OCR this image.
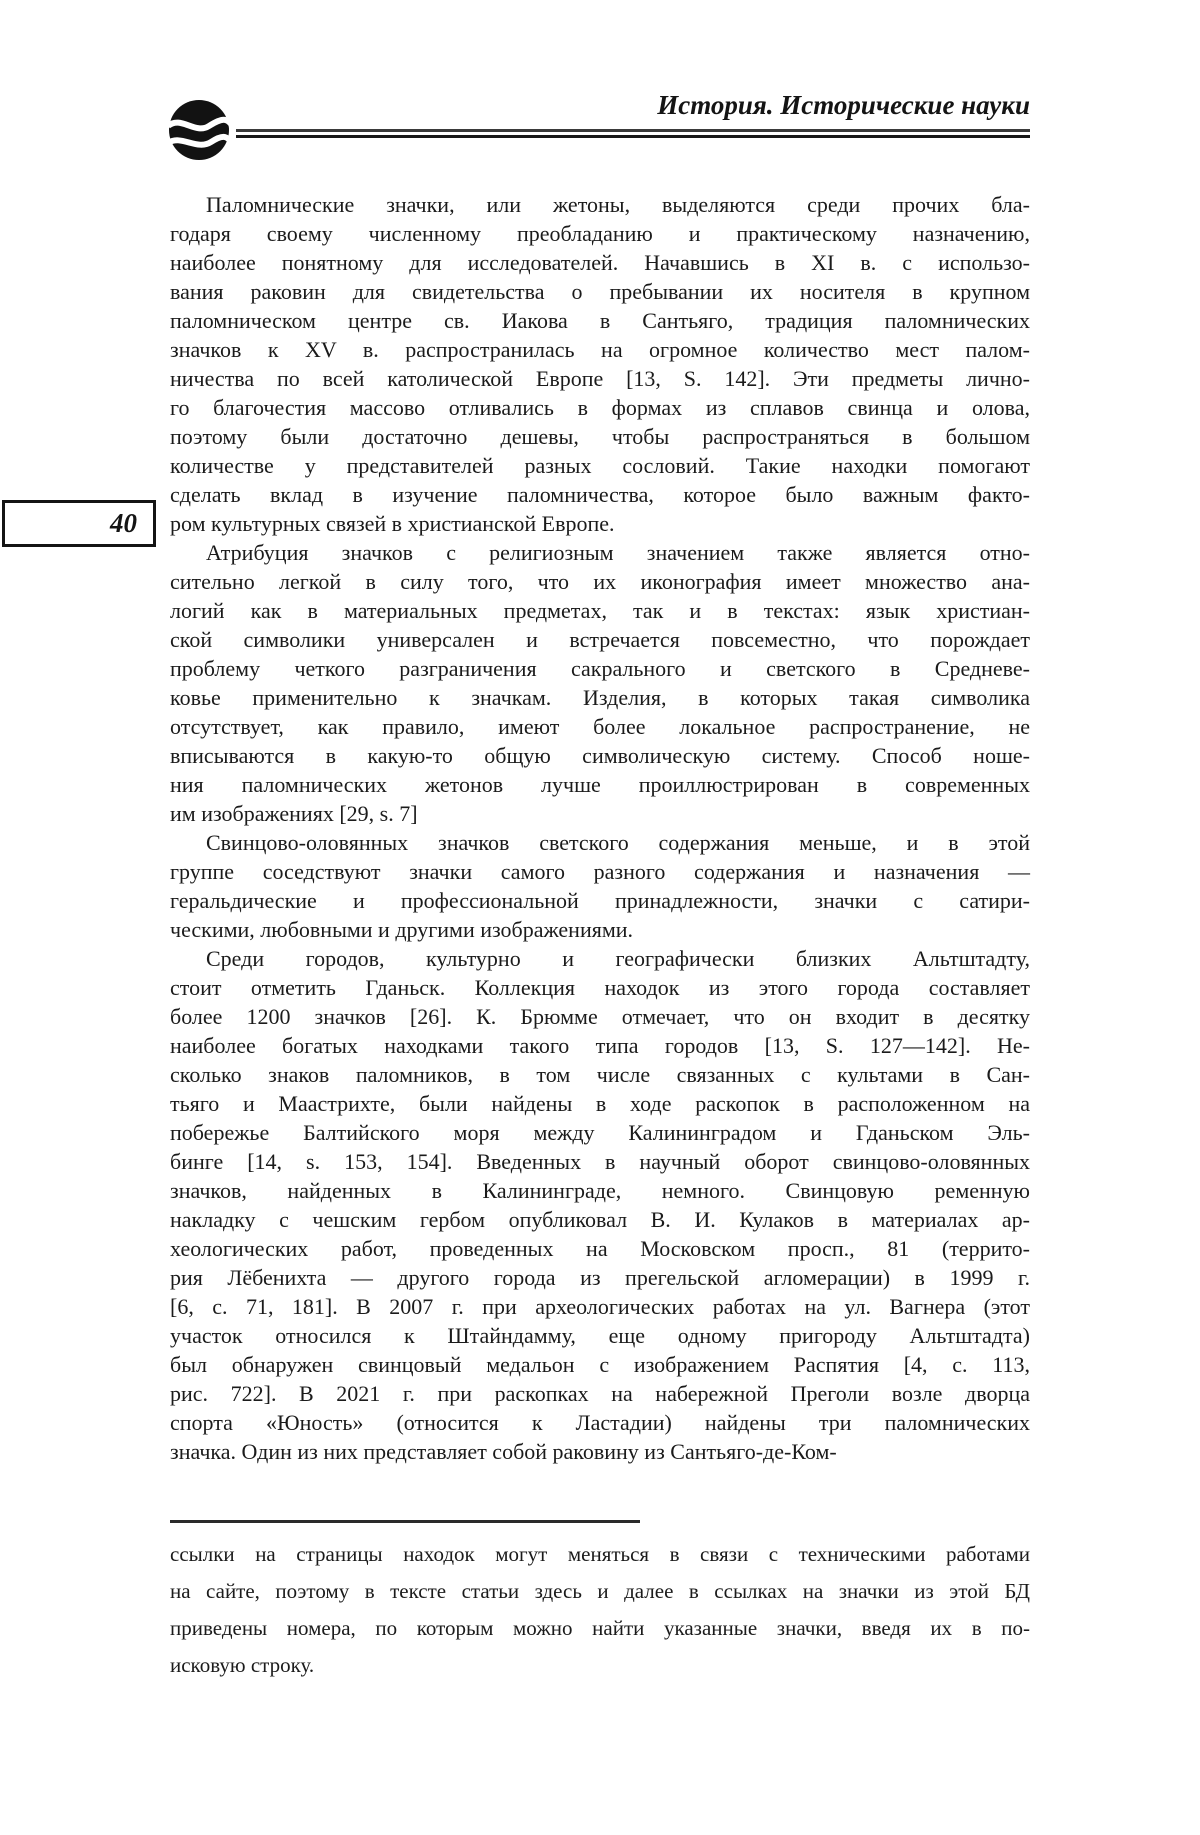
История. Исторические науки
40
Паломнические значки, или жетоны, выделяются среди прочих бла-
годаря своему численному преобладанию и практическому назначению,
наиболее понятному для исследователей. Начавшись в XI в. с использо-
вания раковин для свидетельства о пребывании их носителя в крупном
паломническом центре св. Иакова в Сантьяго, традиция паломнических
значков к XV в. распространилась на огромное количество мест палом-
ничества по всей католической Европе [13, S. 142]. Эти предметы лично-
го благочестия массово отливались в формах из сплавов свинца и олова,
поэтому были достаточно дешевы, чтобы распространяться в большом
количестве у представителей разных сословий. Такие находки помогают
сделать вклад в изучение паломничества, которое было важным факто-
ром культурных связей в христианской Европе.
Атрибуция значков с религиозным значением также является отно-
сительно легкой в силу того, что их иконография имеет множество ана-
логий как в материальных предметах, так и в текстах: язык христиан-
ской символики универсален и встречается повсеместно, что порождает
проблему четкого разграничения сакрального и светского в Средневе-
ковье применительно к значкам. Изделия, в которых такая символика
отсутствует, как правило, имеют более локальное распространение, не
вписываются в какую-то общую символическую систему. Способ ноше-
ния паломнических жетонов лучше проиллюстрирован в современных
им изображениях [29, s. 7]
Свинцово-оловянных значков светского содержания меньше, и в этой
группе соседствуют значки самого разного содержания и назначения —
геральдические и профессиональной принадлежности, значки с сатири-
ческими, любовными и другими изображениями.
Среди городов, культурно и географически близких Альтштадту,
стоит отметить Гданьск. Коллекция находок из этого города составляет
более 1200 значков [26]. К. Брюмме отмечает, что он входит в десятку
наиболее богатых находками такого типа городов [13, S. 127—142]. Не-
сколько знаков паломников, в том числе связанных с культами в Сан-
тьяго и Маастрихте, были найдены в ходе раскопок в расположенном на
побережье Балтийского моря между Калининградом и Гданьском Эль-
бинге [14, s. 153, 154]. Введенных в научный оборот свинцово-оловянных
значков, найденных в Калининграде, немного. Свинцовую ременную
накладку с чешским гербом опубликовал В. И. Кулаков в материалах ар-
хеологических работ, проведенных на Московском просп., 81 (террито-
рия Лёбенихта — другого города из прегельской агломерации) в 1999 г.
[6, с. 71, 181]. В 2007 г. при археологических работах на ул. Вагнера (этот
участок относился к Штайндамму, еще одному пригороду Альтштадта)
был обнаружен свинцовый медальон с изображением Распятия [4, с. 113,
рис. 722]. В 2021 г. при раскопках на набережной Преголи возле дворца
спорта «Юность» (относится к Ластадии) найдены три паломнических
значка. Один из них представляет собой раковину из Сантьяго-де-Ком-
ссылки на страницы находок могут меняться в связи с техническими работами
на сайте, поэтому в тексте статьи здесь и далее в ссылках на значки из этой БД
приведены номера, по которым можно найти указанные значки, введя их в по-
исковую строку.
